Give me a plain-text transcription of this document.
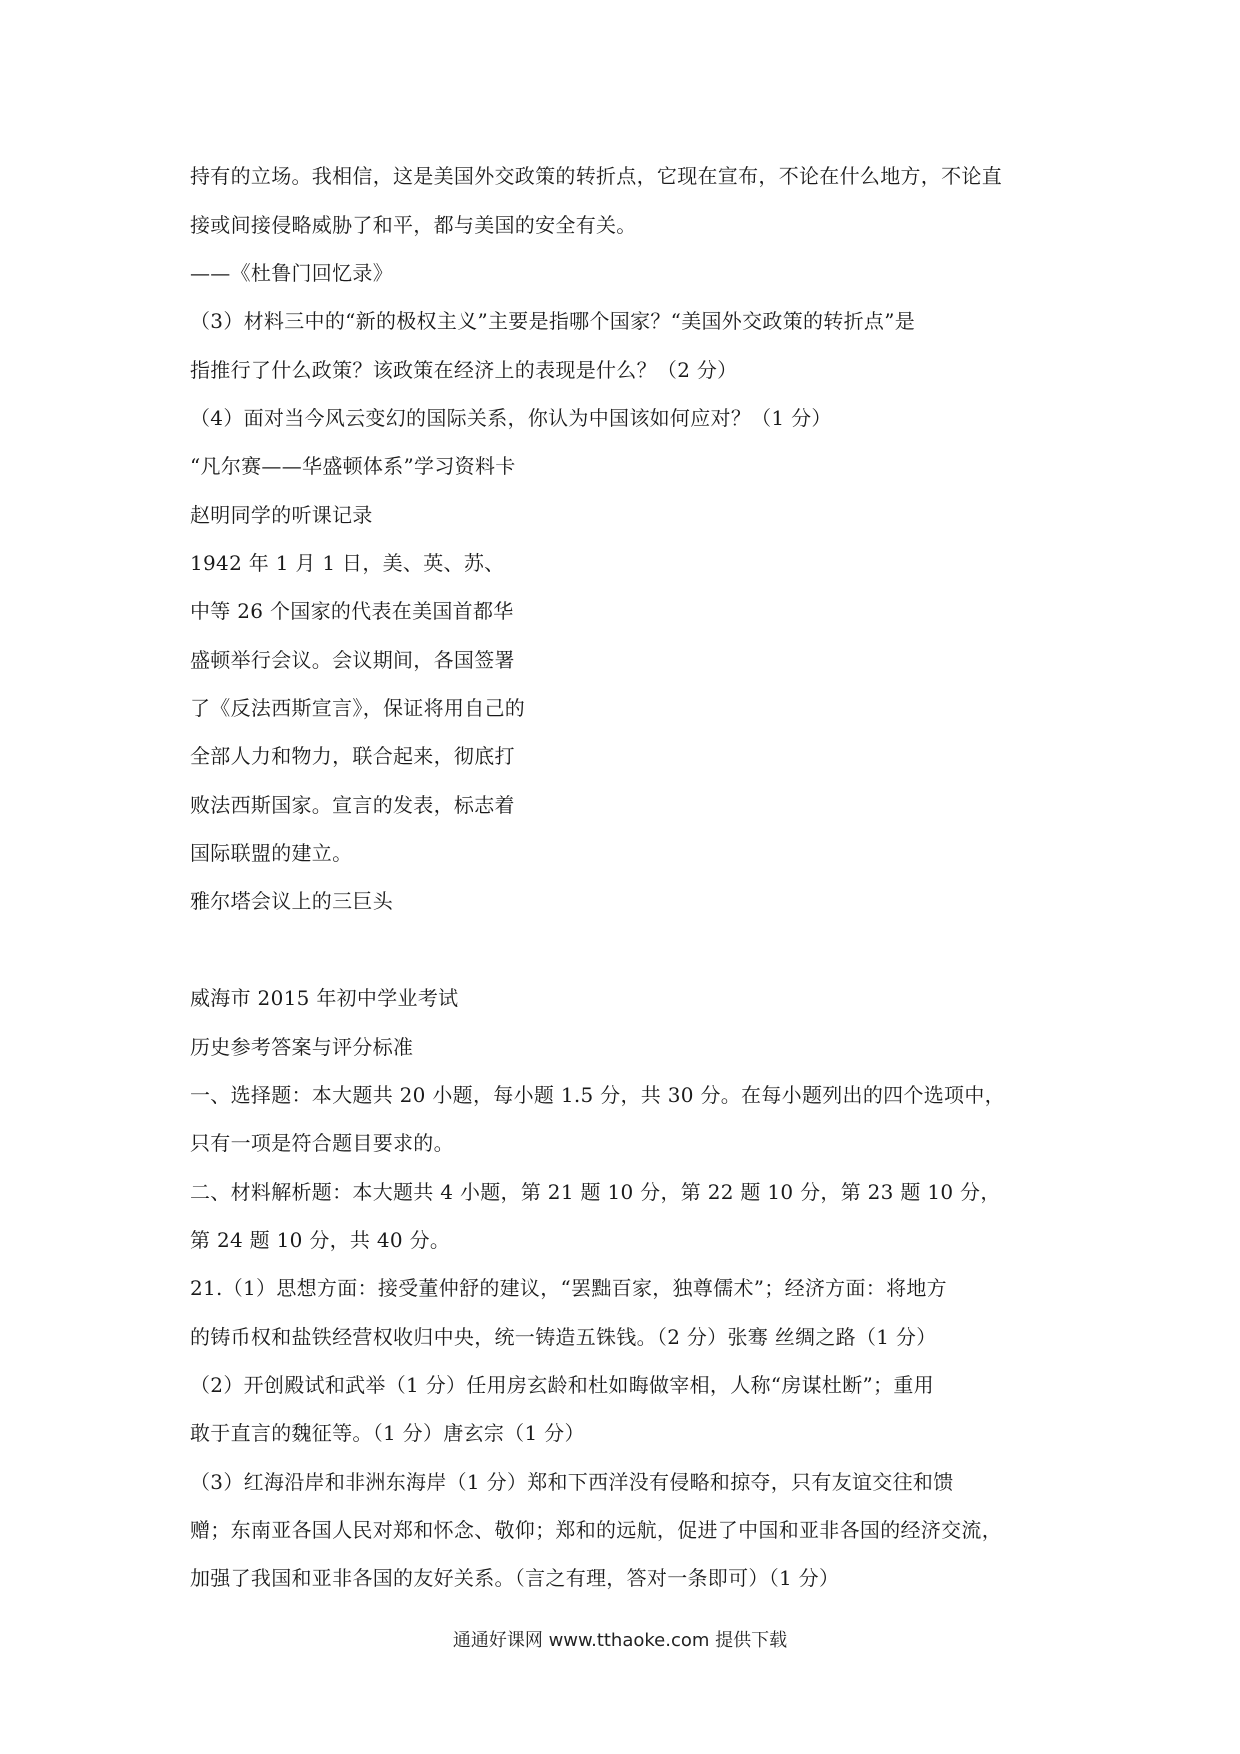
持有的立场。我相信，这是美国外交政策的转折点，它现在宣布，不论在什么地方，不论直
接或间接侵略威胁了和平，都与美国的安全有关。
——《杜鲁门回忆录》
（3）材料三中的“新的极权主义”主要是指哪个国家？“美国外交政策的转折点”是
指推行了什么政策？该政策在经济上的表现是什么？（2 分）
（4）面对当今风云变幻的国际关系，你认为中国该如何应对？（1 分）
“凡尔赛——华盛顿体系”学习资料卡
赵明同学的听课记录
1942 年 1 月 1 日，美、英、苏、
中等 26 个国家的代表在美国首都华
盛顿举行会议。会议期间，各国签署
了《反法西斯宣言》，保证将用自己的
全部人力和物力，联合起来，彻底打
败法西斯国家。宣言的发表，标志着
国际联盟的建立。
雅尔塔会议上的三巨头
威海市 2015 年初中学业考试
历史参考答案与评分标准
一、选择题：本大题共 20 小题，每小题 1.5 分，共 30 分。在每小题列出的四个选项中，
只有一项是符合题目要求的。
二、材料解析题：本大题共 4 小题，第 21 题 10 分，第 22 题 10 分，第 23 题 10 分，
第 24 题 10 分，共 40 分。
21.（1）思想方面：接受董仲舒的建议，“罢黜百家，独尊儒术”；经济方面：将地方
的铸币权和盐铁经营权收归中央，统一铸造五铢钱。（2 分）张骞 丝绸之路（1 分）
（2）开创殿试和武举（1 分）任用房玄龄和杜如晦做宰相，人称“房谋杜断”；重用
敢于直言的魏征等。（1 分）唐玄宗（1 分）
（3）红海沿岸和非洲东海岸（1 分）郑和下西洋没有侵略和掠夺，只有友谊交往和馈
赠；东南亚各国人民对郑和怀念、敬仰；郑和的远航，促进了中国和亚非各国的经济交流，
加强了我国和亚非各国的友好关系。（言之有理，答对一条即可）（1 分）
通通好课网 www.tthaoke.com 提供下载
